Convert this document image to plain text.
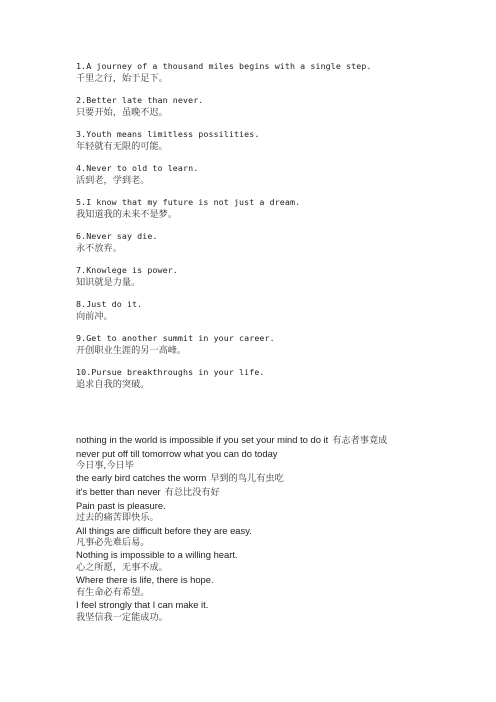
1.A journey of a thousand miles begins with a single step.
千里之行，始于足下。
2.Better late than never.
只要开始，虽晚不迟。
3.Youth means limitless possilities.
年轻就有无限的可能。
4.Never to old to learn.
活到老，学到老。
5.I know that my future is not just a dream.
我知道我的未来不是梦。
6.Never say die.
永不放弃。
7.Knowlege is power.
知识就是力量。
8.Just do it.
向前冲。
9.Get to another summit in your career.
开创职业生涯的另一高峰。
10.Pursue breakthroughs in your life.
追求自我的突破。
nothing in the world is impossible if you set your mind to do it 有志者事竟成
never put off till tomorrow what you can do today
今日事,今日毕
the early bird catches the worm 早到的鸟儿有虫吃
it's better than never 有总比没有好
Pain past is pleasure.
过去的痛苦即快乐。
All things are difficult before they are easy.
凡事必先难后易。
Nothing is impossible to a willing heart.
心之所愿，无事不成。
Where there is life, there is hope.
有生命必有希望。
I feel strongly that I can make it.
我坚信我一定能成功。
